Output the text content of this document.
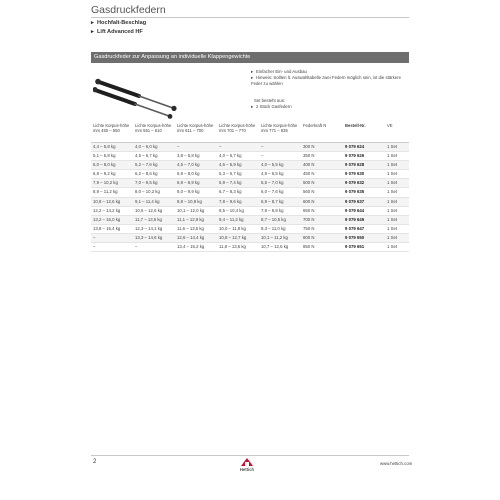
Gasdruckfedern
▸ Hochfalt-Beschlag
▸ Lift Advanced HF
Gasdruckfeder zur Anpassung an individuelle Klappengewichte
▸ Einfacher Ein- und Ausbau
▸ Hinweis: Sollten lt. Auswahltabelle zwei Federn möglich sein, ist die stärkere Feder zu wählen
Set besteht aus:
▸ 2 Stück Gasfedern
Lichte Korpus-höhe mm 450 – 550	Lichte Korpus-höhe mm 551 – 610	Lichte Korpus-höhe mm 611 – 700	Lichte Korpus-höhe mm 701 – 770	Lichte Korpus-höhe mm 771 – 835	Federkraft N	Bestell-Nr.	VE
4,4 – 5,8 kg	4,0 – 6,0 kg	–	–	–	300 N	9 079 624	1 Set
5,1 – 6,8 kg	4,5 – 6,7 kg	3,8 – 5,8 kg	4,0 – 6,7 kg	–	350 N	9 079 626	1 Set
6,0 – 8,0 kg	5,2 – 7,6 kg	4,5 – 7,0 kg	4,6 – 5,9 kg	4,0 – 5,5 kg	400 N	9 079 628	1 Set
6,8 – 9,2 kg	6,2 – 8,6 kg	5,9 – 8,0 kg	5,3 – 6,7 kg	4,9 – 6,5 kg	450 N	9 079 630	1 Set
7,9 – 10,2 kg	7,0 – 9,5 kg	6,9 – 8,9 kg	5,9 – 7,4 kg	5,5 – 7,0 kg	500 N	9 079 632	1 Set
8,9 – 11,2 kg	8,0 – 10,2 kg	8,0 – 9,9 kg	6,7 – 8,3 kg	6,0 – 7,6 kg	560 N	9 079 635	1 Set
10,8 – 12,6 kg	9,1 – 11,4 kg	8,8 – 10,8 kg	7,8 – 9,6 kg	6,9 – 8,7 kg	600 N	9 079 637	1 Set
12,2 – 14,2 kg	10,5 – 12,6 kg	10,1 – 12,0 kg	8,5 – 10,4 kg	7,9 – 9,8 kg	650 N	9 079 644	1 Set
13,2 – 15,0 kg	11,7 – 13,6 kg	11,1 – 12,9 kg	9,4 – 11,2 kg	8,7 – 10,5 kg	700 N	9 079 645	1 Set
13,8 – 15,4 kg	12,3 – 14,1 kg	11,6 – 13,5 kg	10,0 – 11,8 kg	9,3 – 11,0 kg	750 N	9 079 647	1 Set
–	13,3 – 14,6 kg	12,6 – 14,4 kg	10,8 – 12,7 kg	10,1 – 11,2 kg	800 N	9 079 650	1 Set
–	–	13,4 – 15,2 kg	11,8 – 13,6 kg	10,7 – 12,6 kg	850 N	9 079 651	1 Set
2
Hettich
www.hettich.com
